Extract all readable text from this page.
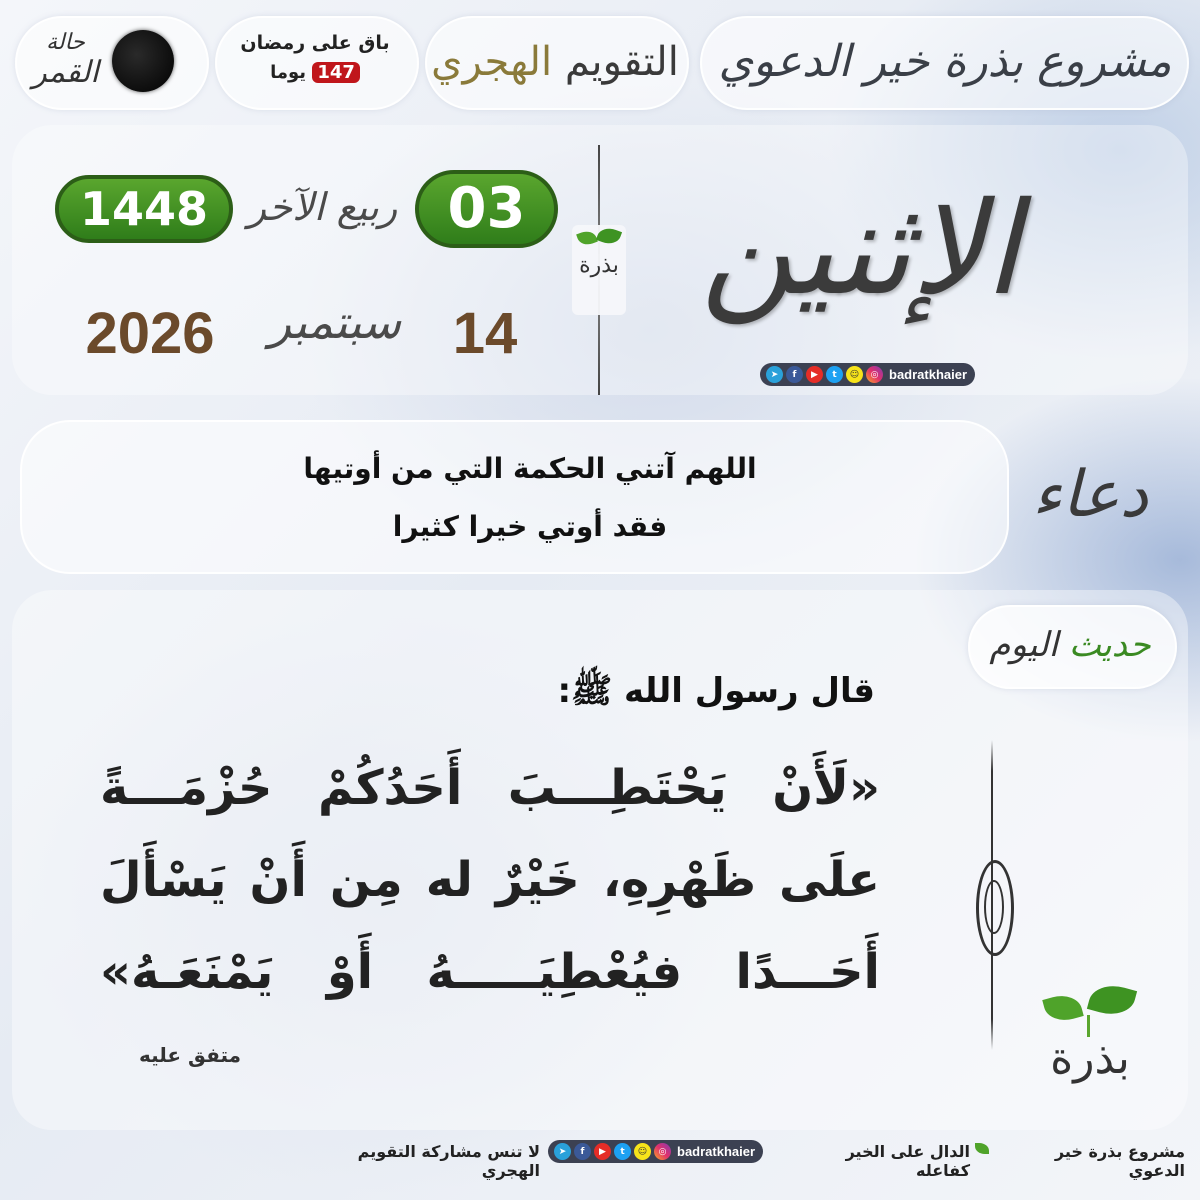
مشروع بذرة خير الدعوي
التقويم الهجري
باق على رمضان
147 يوما
حالة
القمر
الإثنين
بذرة
03
ربيع الآخر
1448
14
سبتمبر
2026
➤	f	▶	t	☺	◎ badratkhaier
دعاء
اللهم آتني الحكمة التي من أوتيها
فقد أوتي خيرا كثيرا
حديث اليوم
قال رسول الله ﷺ:
«لَأَنْ يَحْتَطِـــبَ أَحَدُكُمْ حُزْمَـــةً
علَى ظَهْرِهِ، خَيْرٌ له مِن أَنْ يَسْأَلَ
أَحَـــدًا فيُعْطِيَـــــهُ أَوْ يَمْنَعَـهُ»
متفق عليه	بذرة
مشروع بذرة خير الدعوي
الدال على الخير كفاعله
➤	f	▶	t	☺	◎ badratkhaier
لا تنس مشاركة التقويم الهجري
